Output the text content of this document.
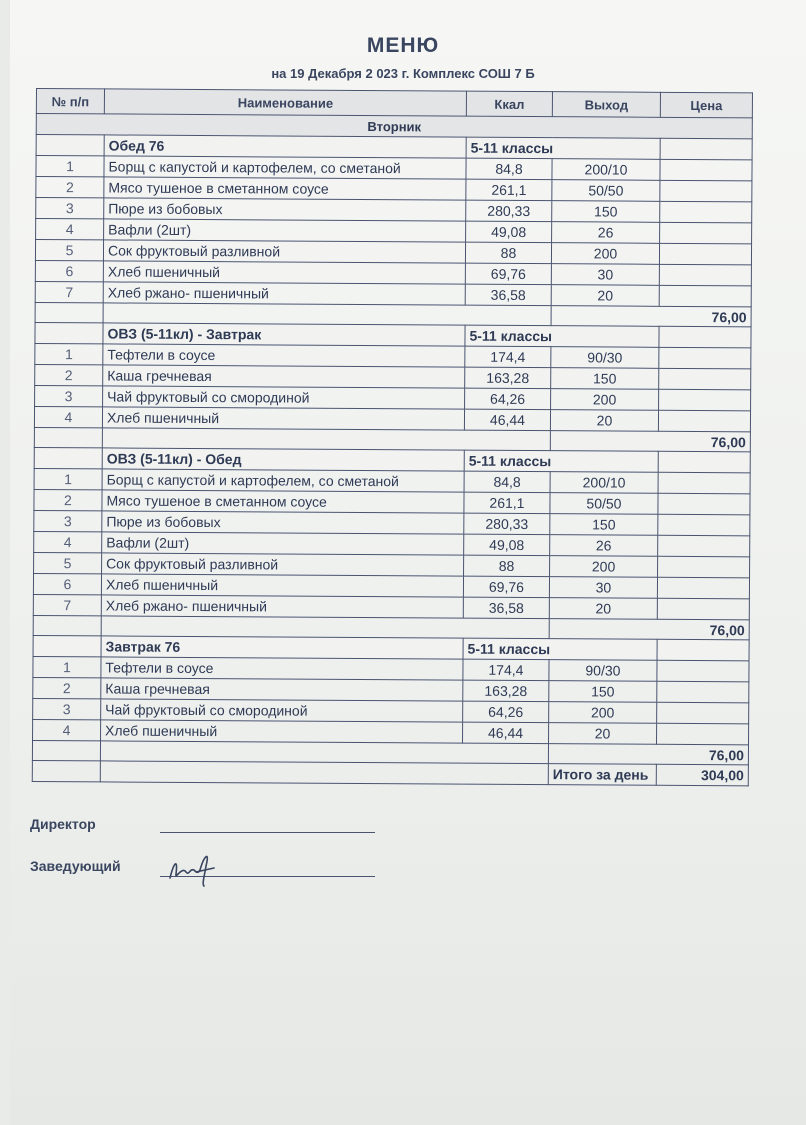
МЕНЮ
на 19 Декабря 2 023 г. Комплекс СОШ 7 Б
№ п/п	Наименование	Ккал	Выход	Цена
Вторник				
	Обед 76	5-11 классы		
1	Борщ с капустой и картофелем, со сметаной	84,8	200/10	
2	Мясо тушеное в сметанном соусе	261,1	50/50	
3	Пюре из бобовых	280,33	150	
4	Вафли (2шт)	49,08	26	
5	Сок фруктовый разливной	88	200	
6	Хлеб пшеничный	69,76	30	
7	Хлеб ржано- пшеничный	36,58	20	
			76,00	
	ОВЗ (5-11кл) - Завтрак	5-11 классы		
1	Тефтели в соусе	174,4	90/30	
2	Каша гречневая	163,28	150	
3	Чай фруктовый со смородиной	64,26	200	
4	Хлеб пшеничный	46,44	20	
			76,00	
	ОВЗ (5-11кл) - Обед	5-11 классы		
1	Борщ с капустой и картофелем, со сметаной	84,8	200/10	
2	Мясо тушеное в сметанном соусе	261,1	50/50	
3	Пюре из бобовых	280,33	150	
4	Вафли (2шт)	49,08	26	
5	Сок фруктовый разливной	88	200	
6	Хлеб пшеничный	69,76	30	
7	Хлеб ржано- пшеничный	36,58	20	
			76,00	
	Завтрак 76	5-11 классы		
1	Тефтели в соусе	174,4	90/30	
2	Каша гречневая	163,28	150	
3	Чай фруктовый со смородиной	64,26	200	
4	Хлеб пшеничный	46,44	20	
			76,00	
			Итого за день	304,00
Директор
Заведующий
